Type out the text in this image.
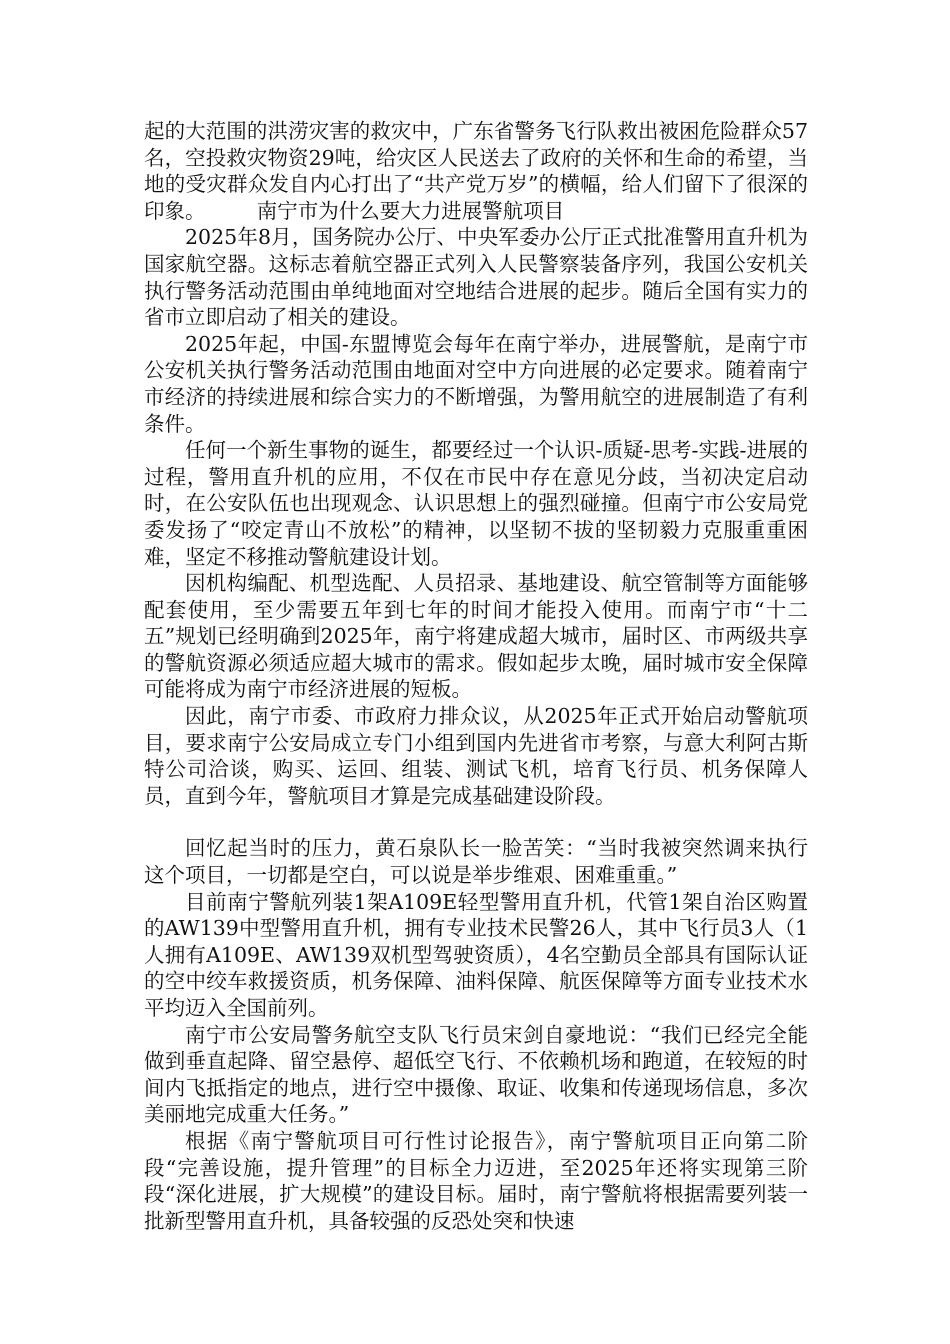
起的大范围的洪涝灾害的救灾中，广东省警务飞行队救出被困危险群众57名，空投救灾物资29吨，给灾区人民送去了政府的关怀和生命的希望，当地的受灾群众发自内心打出了“共产党万岁”的横幅，给人们留下了很深的印象。　　　南宁市为什么要大力进展警航项目

2025年8月，国务院办公厅、中央军委办公厅正式批准警用直升机为国家航空器。这标志着航空器正式列入人民警察装备序列，我国公安机关执行警务活动范围由单纯地面对空地结合进展的起步。随后全国有实力的省市立即启动了相关的建设。

2025年起，中国-东盟博览会每年在南宁举办，进展警航，是南宁市公安机关执行警务活动范围由地面对空中方向进展的必定要求。随着南宁市经济的持续进展和综合实力的不断增强，为警用航空的进展制造了有利条件。

任何一个新生事物的诞生，都要经过一个认识-质疑-思考-实践-进展的过程，警用直升机的应用，不仅在市民中存在意见分歧，当初决定启动时，在公安队伍也出现观念、认识思想上的强烈碰撞。但南宁市公安局党委发扬了“咬定青山不放松”的精神，以坚韧不拔的坚韧毅力克服重重困难，坚定不移推动警航建设计划。

因机构编配、机型选配、人员招录、基地建设、航空管制等方面能够配套使用，至少需要五年到七年的时间才能投入使用。而南宁市“十二五”规划已经明确到2025年，南宁将建成超大城市，届时区、市两级共享的警航资源必须适应超大城市的需求。假如起步太晚，届时城市安全保障可能将成为南宁市经济进展的短板。

因此，南宁市委、市政府力排众议，从2025年正式开始启动警航项目，要求南宁公安局成立专门小组到国内先进省市考察，与意大利阿古斯特公司洽谈，购买、运回、组装、测试飞机，培育飞行员、机务保障人员，直到今年，警航项目才算是完成基础建设阶段。

回忆起当时的压力，黄石泉队长一脸苦笑：“当时我被突然调来执行这个项目，一切都是空白，可以说是举步维艰、困难重重。”

目前南宁警航列装1架A109E轻型警用直升机，代管1架自治区购置的AW139中型警用直升机，拥有专业技术民警26人，其中飞行员3人（1人拥有A109E、AW139双机型驾驶资质），4名空勤员全部具有国际认证的空中绞车救援资质，机务保障、油料保障、航医保障等方面专业技术水平均迈入全国前列。

南宁市公安局警务航空支队飞行员宋剑自豪地说：“我们已经完全能做到垂直起降、留空悬停、超低空飞行、不依赖机场和跑道，在较短的时间内飞抵指定的地点，进行空中摄像、取证、收集和传递现场信息，多次美丽地完成重大任务。”

根据《南宁警航项目可行性讨论报告》，南宁警航项目正向第二阶段“完善设施，提升管理”的目标全力迈进，至2025年还将实现第三阶段“深化进展，扩大规模”的建设目标。届时，南宁警航将根据需要列装一批新型警用直升机，具备较强的反恐处突和快速
